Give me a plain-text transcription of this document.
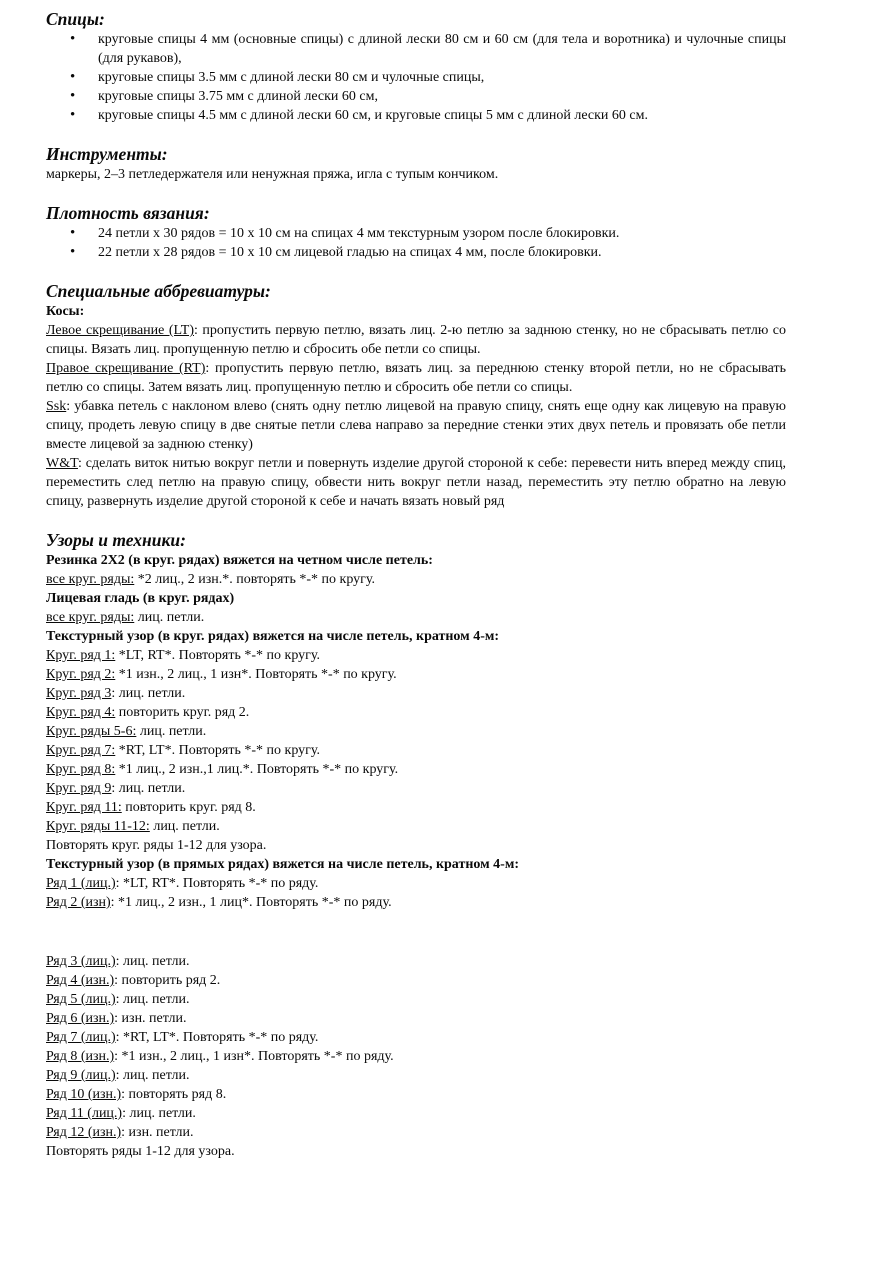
Спицы:

• круговые спицы 4 мм (основные спицы) с длиной лески 80 см и 60 см (для тела и воротника) и чулочные спицы (для рукавов),
• круговые спицы 3.5 мм с длиной лески 80 см и чулочные спицы,
• круговые спицы 3.75 мм с длиной лески 60 см,
• круговые спицы 4.5 мм с длиной лески 60 см, и круговые спицы 5 мм с длиной лески 60 см.

Инструменты:

маркеры, 2–3 петледержателя или ненужная пряжа, игла с тупым кончиком.

Плотность вязания:

• 24 петли х 30 рядов = 10 х 10 см на спицах 4 мм текстурным узором после блокировки.
• 22 петли х 28 рядов = 10 х 10 см лицевой гладью на спицах 4 мм, после блокировки.

Специальные аббревиатуры:

Косы:

Левое скрещивание (LT): пропустить первую петлю, вязать лиц. 2-ю петлю за заднюю стенку, но не сбрасывать петлю со спицы. Вязать лиц. пропущенную петлю и сбросить обе петли со спицы.

Правое скрещивание (RT): пропустить первую петлю, вязать лиц. за переднюю стенку второй петли, но не сбрасывать петлю со спицы. Затем вязать лиц. пропущенную петлю и сбросить обе петли со спицы.

Ssk: убавка петель с наклоном влево (снять одну петлю лицевой на правую спицу, снять еще одну как лицевую на правую спицу, продеть левую спицу в две снятые петли слева направо за передние стенки этих двух петель и провязать обе петли вместе лицевой за заднюю стенку)

W&T: сделать виток нитью вокруг петли и повернуть изделие другой стороной к себе: перевести нить вперед между спиц, переместить след петлю на правую спицу, обвести нить вокруг петли назад, переместить эту петлю обратно на левую спицу, развернуть изделие другой стороной к себе и начать вязать новый ряд

Узоры и техники:

Резинка 2Х2 (в круг. рядах) вяжется на четном числе петель:

все круг. ряды: *2 лиц., 2 изн.*. повторять *-* по кругу.

Лицевая гладь (в круг. рядах)

все круг. ряды: лиц. петли.

Текстурный узор (в круг. рядах) вяжется на числе петель, кратном 4-м:

Круг. ряд 1: *LT, RT*. Повторять *-* по кругу.

Круг. ряд 2: *1 изн., 2 лиц., 1 изн*. Повторять *-* по кругу.

Круг. ряд 3: лиц. петли.

Круг. ряд 4: повторить круг. ряд 2.

Круг. ряды 5-6: лиц. петли.

Круг. ряд 7: *RT, LT*. Повторять *-* по кругу.

Круг. ряд 8: *1 лиц., 2 изн.,1 лиц.*. Повторять *-* по кругу.

Круг. ряд 9: лиц. петли.

Круг. ряд 11: повторить круг. ряд 8.

Круг. ряды 11-12: лиц. петли.

Повторять круг. ряды 1-12 для узора.

Текстурный узор (в прямых рядах) вяжется на числе петель, кратном 4-м:

Ряд 1 (лиц.): *LT, RT*. Повторять *-* по ряду.

Ряд 2 (изн): *1 лиц., 2 изн., 1 лиц*. Повторять *-* по ряду.

Ряд 3 (лиц.): лиц. петли.

Ряд 4 (изн.): повторить ряд 2.

Ряд 5 (лиц.): лиц. петли.

Ряд 6 (изн.): изн. петли.

Ряд 7 (лиц.): *RT, LT*. Повторять *-* по ряду.

Ряд 8 (изн.): *1 изн., 2 лиц., 1 изн*. Повторять *-* по ряду.

Ряд 9 (лиц.): лиц. петли.

Ряд 10 (изн.): повторять ряд 8.

Ряд 11 (лиц.): лиц. петли.

Ряд 12 (изн.): изн. петли.

Повторять ряды 1-12 для узора.
